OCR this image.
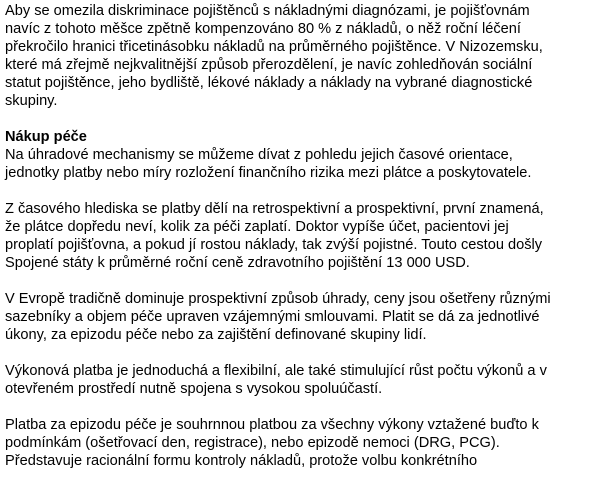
Aby se omezila diskriminace pojištěnců s nákladnými diagnózami, je pojišťovnám
navíc z tohoto měšce zpětně kompenzováno 80 % z nákladů, o něž roční léčení
překročilo hranici třicetinásobku nákladů na průměrného pojištěnce. V Nizozemsku,
které má zřejmě nejkvalitnější způsob přerozdělení, je navíc zohledňován sociální
statut pojištěnce, jeho bydliště, lékové náklady a náklady na vybrané diagnostické
skupiny.
Nákup péče
Na úhradové mechanismy se můžeme dívat z pohledu jejich časové orientace,
jednotky platby nebo míry rozložení finančního rizika mezi plátce a poskytovatele.
Z časového hlediska se platby dělí na retrospektivní a prospektivní, první znamená,
že plátce dopředu neví, kolik za péči zaplatí. Doktor vypíše účet, pacientovi jej
proplatí pojišťovna, a pokud jí rostou náklady, tak zvýší pojistné. Touto cestou došly
Spojené státy k průměrné roční ceně zdravotního pojištění 13 000 USD.
V Evropě tradičně dominuje prospektivní způsob úhrady, ceny jsou ošetřeny různými
sazebníky a objem péče upraven vzájemnými smlouvami. Platit se dá za jednotlivé
úkony, za epizodu péče nebo za zajištění definované skupiny lidí.
Výkonová platba je jednoduchá a flexibilní, ale také stimulující růst počtu výkonů a v
otevřeném prostředí nutně spojena s vysokou spoluúčastí.
Platba za epizodu péče je souhrnnou platbou za všechny výkony vztažené buďto k
podmínkám (ošetřovací den, registrace), nebo epizodě nemoci (DRG, PCG).
Představuje racionální formu kontroly nákladů, protože volbu konkrétního
